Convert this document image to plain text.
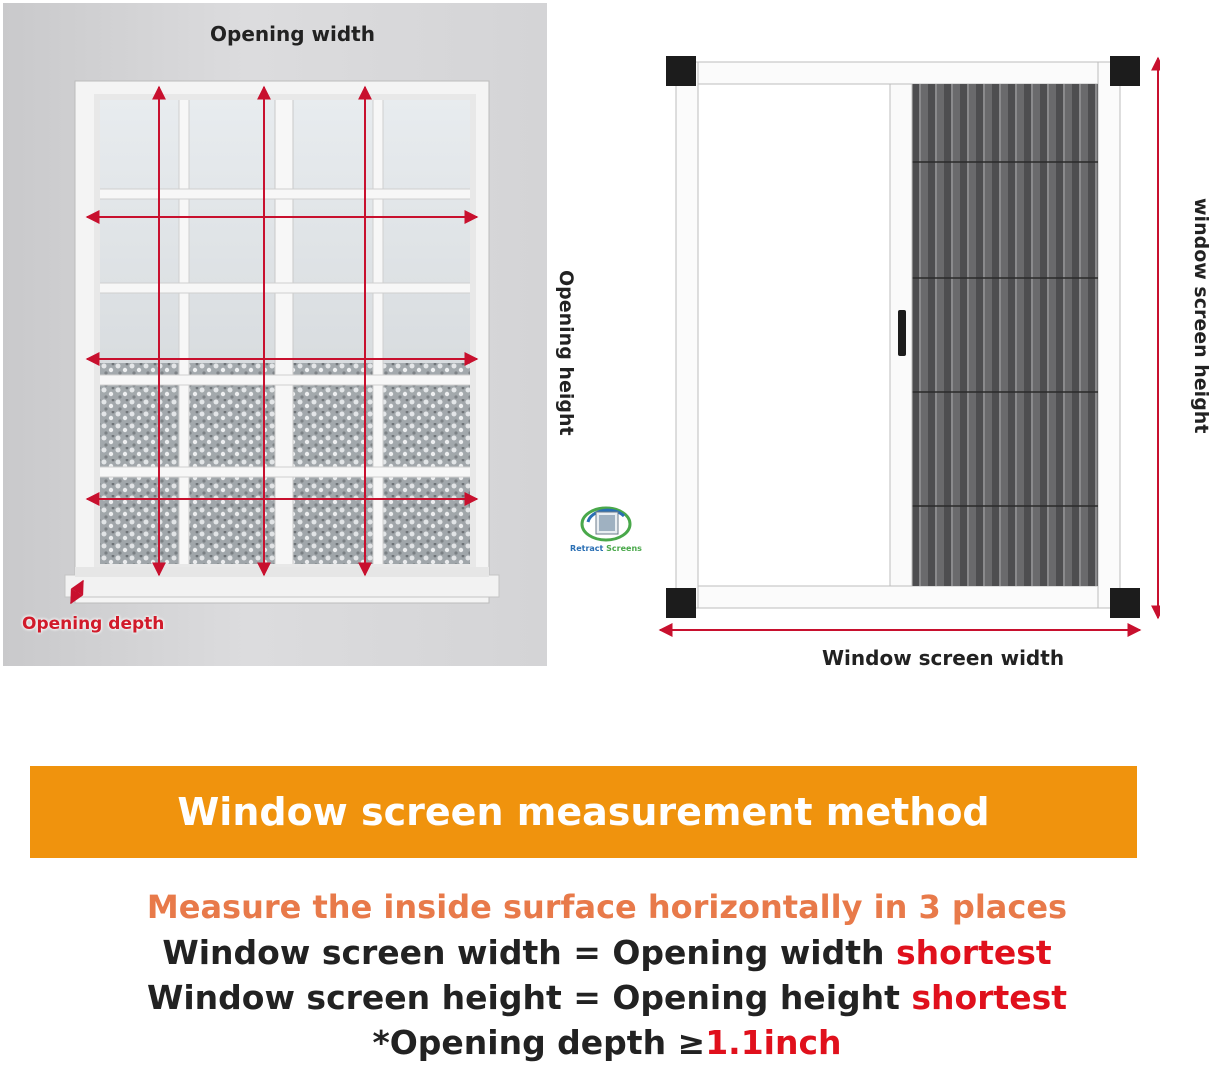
Opening width
Opening height
Opening depth
window screen height
Window screen width
Retract Screens
Window screen measurement method
Measure the inside surface horizontally in 3 places
Window screen width = Opening width shortest
Window screen height = Opening height shortest
*Opening depth ≥1.1inch
